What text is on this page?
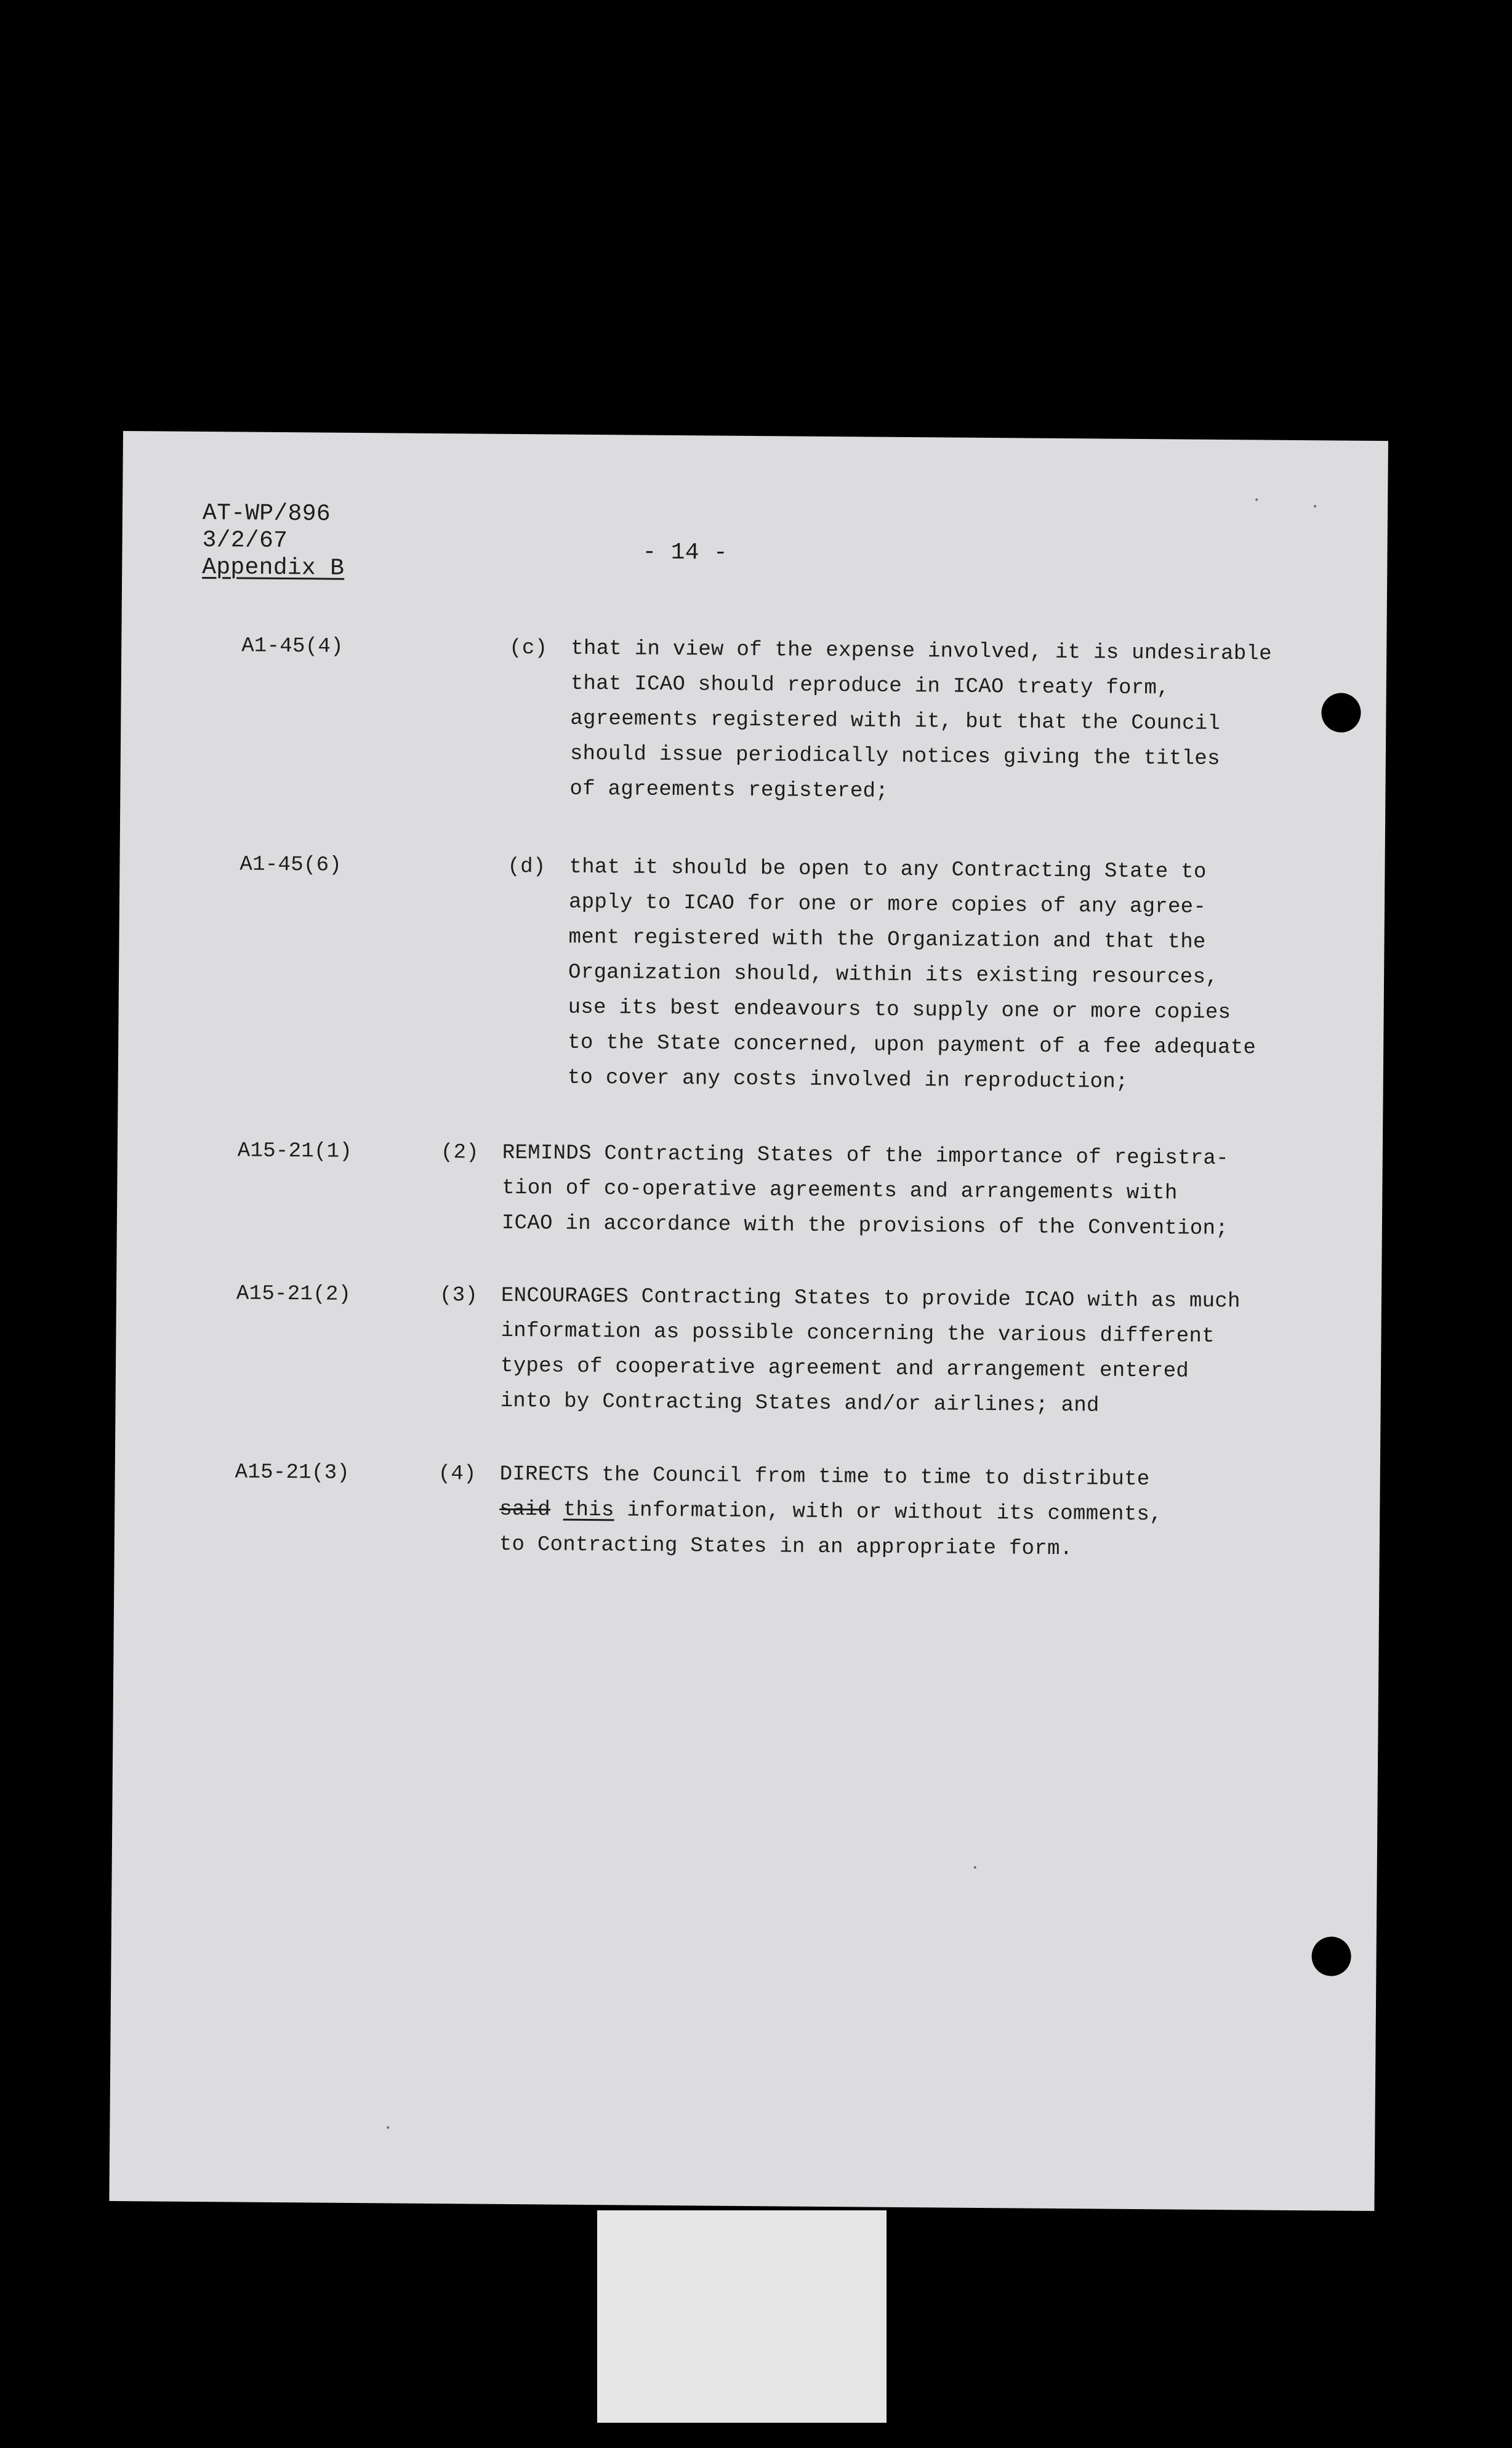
AT-WP/896
3/2/67
Appendix B
- 14 -
A1-45(4)	(c) that in view of the expense involved, it is undesirable
that ICAO should reproduce in ICAO treaty form,
agreements registered with it, but that the Council
should issue periodically notices giving the titles
of agreements registered;
A1-45(6)	(d) that it should be open to any Contracting State to
apply to ICAO for one or more copies of any agree-
ment registered with the Organization and that the
Organization should, within its existing resources,
use its best endeavours to supply one or more copies
to the State concerned, upon payment of a fee adequate
to cover any costs involved in reproduction;
A15-21(1)	(2) REMINDS Contracting States of the importance of registra-
tion of co-operative agreements and arrangements with
ICAO in accordance with the provisions of the Convention;
A15-21(2)	(3) ENCOURAGES Contracting States to provide ICAO with as much
information as possible concerning the various different
types of cooperative agreement and arrangement entered
into by Contracting States and/or airlines; and
A15-21(3)	(4) DIRECTS the Council from time to time to distribute
said this information, with or without its comments,
to Contracting States in an appropriate form.
